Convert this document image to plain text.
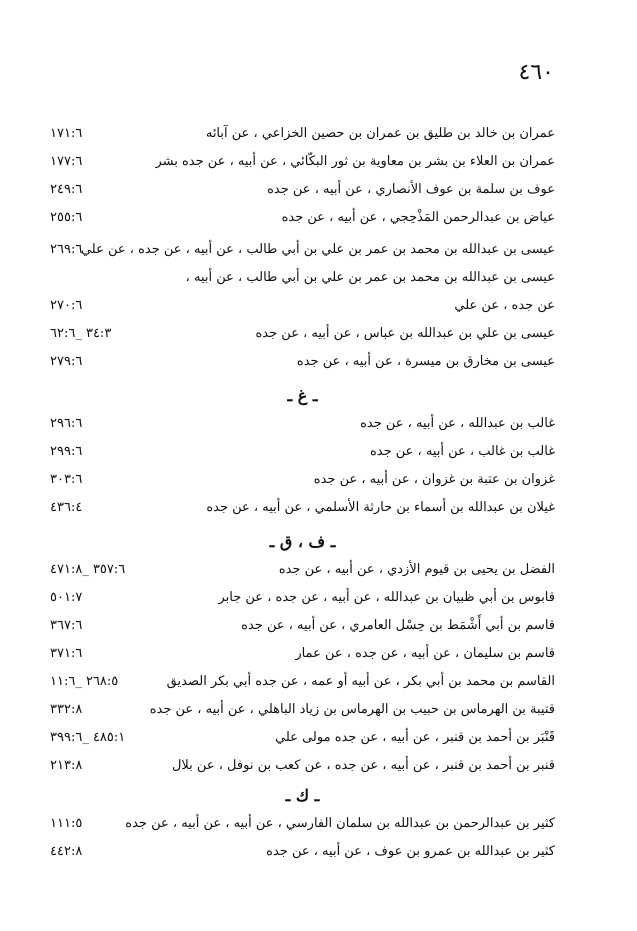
٤٦٠
عمران بن خالد بن طليق بن عمران بن حصين الخزاعي ، عن آبائه
١٧١:٦
عمران بن العلاء بن بشر بن معاوية بن ثور البكّائي ، عن أبيه ، عن جده بشر
١٧٧:٦
عوف بن سلمة بن عوف الأنصاري ، عن أبيه ، عن جده
٢٤٩:٦
عياض بن عبدالرحمن المَذْحِجي ، عن أبيه ، عن جده
٢٥٥:٦
عيسى بن عبدالله بن محمد بن عمر بن علي بن أبي طالب ، عن أبيه ، عن جده ، عن علي
٢٦٩:٦
عيسى بن عبدالله بن محمد بن عمر بن علي بن أبي طالب ، عن أبيه ،
عن جده ، عن علي
٢٧٠:٦
عيسى بن علي بن عبدالله بن عباس ، عن أبيه ، عن جده
٣٤:٣ _٦٢:٦
عيسى بن مخارق بن ميسرة ، عن أبيه ، عن جده
٢٧٩:٦
ـ غ ـ
غالب بن عبدالله ، عن أبيه ، عن جده
٢٩٦:٦
غالب بن غالب ، عن أبيه ، عن جده
٢٩٩:٦
غزوان بن عتبة بن غزوان ، عن أبيه ، عن جده
٣٠٣:٦
غيلان بن عبدالله بن أسماء بن حارثة الأسلمي ، عن أبيه ، عن جده
٤٣٦:٤
ـ ف ، ق ـ
الفضل بن يحيى بن قيوم الأزدي ، عن أبيه ، عن جده
٣٥٧:٦ _٤٧١:٨
قابوس بن أبي ظبيان بن عبدالله ، عن أبيه ، عن جده ، عن جابر
٥٠١:٧
قاسم بن أبي أَشْمَط بن حِسْل العامري ، عن أبيه ، عن جده
٣٦٧:٦
قاسم بن سليمان ، عن أبيه ، عن جده ، عن عمار
٣٧١:٦
القاسم بن محمد بن أبي بكر ، عن أبيه أو عمه ، عن جده أبي بكر الصديق
٢٦٨:٥ _١١:٦
قتيبة بن الهرماس بن حبيب بن الهرماس بن زياد الباهلي ، عن أبيه ، عن جده
٣٣٢:٨
قَنْبَر بن أحمد بن قنبر ، عن أبيه ، عن جده مولى علي
٤٨٥:١ _٣٩٩:٦
قنبر بن أحمد بن قنبر ، عن أبيه ، عن جده ، عن كعب بن نوفل ، عن بلال
٢١٣:٨
ـ ك ـ
كثير بن عبدالرحمن بن عبدالله بن سلمان الفارسي ، عن أبيه ، عن أبيه ، عن جده
١١١:٥
كثير بن عبدالله بن عمرو بن عوف ، عن أبيه ، عن جده
٤٤٢:٨
